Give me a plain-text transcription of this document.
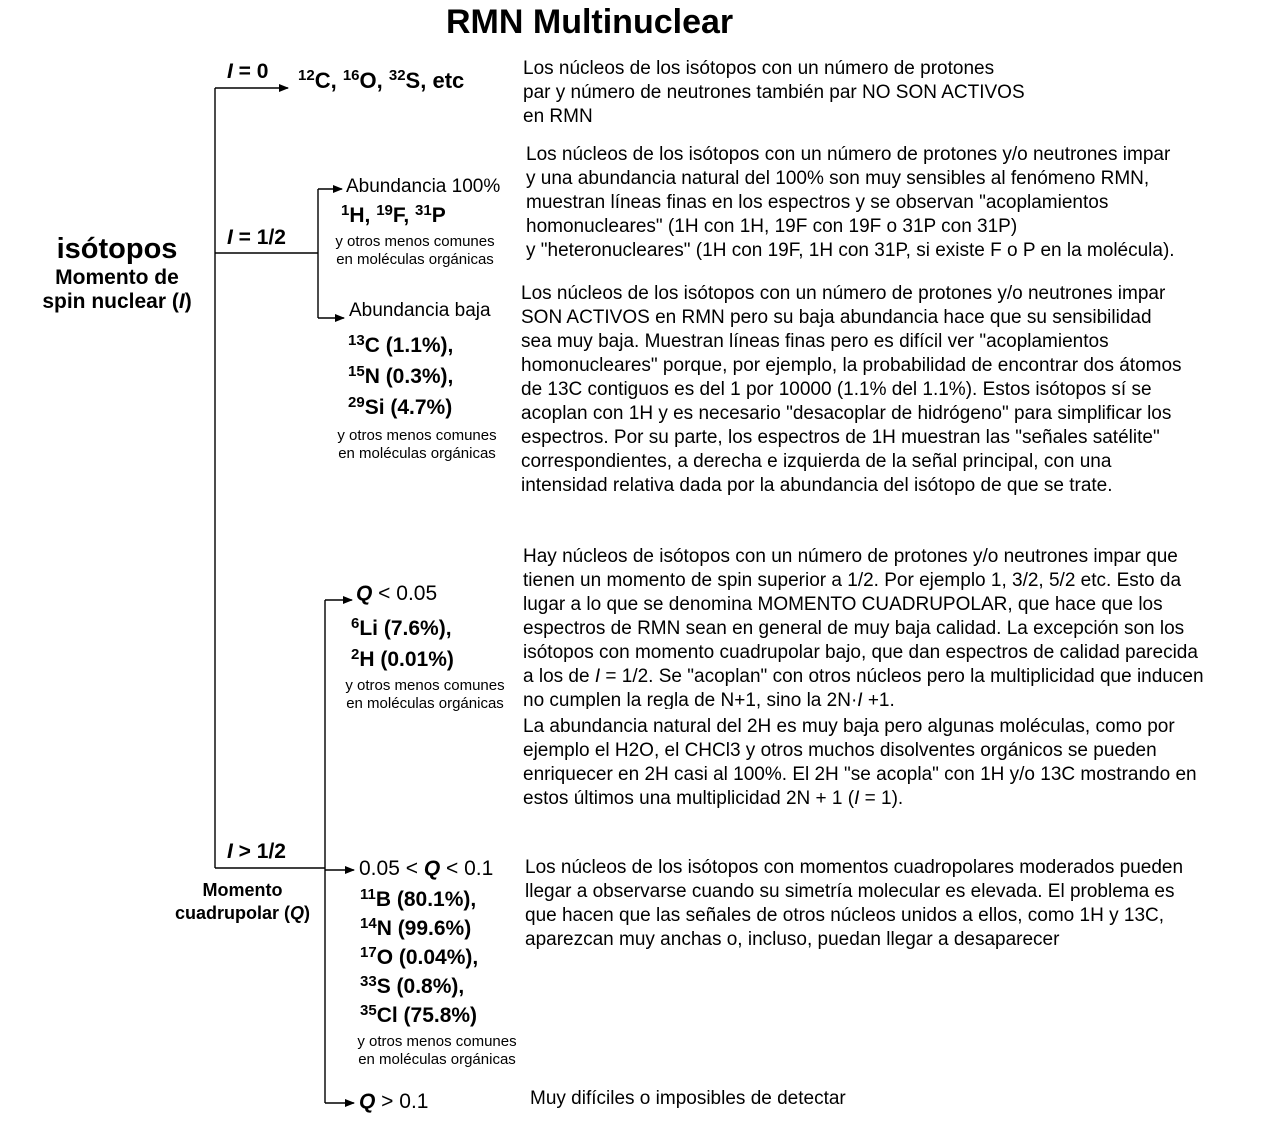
RMN Multinuclear
isótopos
Momento de
spin nuclear (I)
I = 0 $^{12}$C, $^{16}$O, $^{32}$S, etc	Los núcleos de los isótopos con un número de protones
par y número de neutrones también par NO SON ACTIVOS
en RMN
I = 1/2
Abundancia 100%
$^1$H, $^{19}$F, $^{31}$P
y otros menos comunes
en moléculas orgánicas
Los núcleos de los isótopos con un número de protones y/o neutrones impar
y una abundancia natural del 100% son muy sensibles al fenómeno RMN,
muestran líneas finas en los espectros y se observan "acoplamientos
homonucleares" (1H con 1H, 19F con 19F o 31P con 31P)
y "heteronucleares" (1H con 19F, 1H con 31P, si existe F o P en la molécula).
Abundancia baja
$^{13}$C (1.1%),
$^{15}$N (0.3%),
$^{29}$Si (4.7%)
y otros menos comunes
en moléculas orgánicas
Los núcleos de los isótopos con un número de protones y/o neutrones impar
SON ACTIVOS en RMN pero su baja abundancia hace que su sensibilidad
sea muy baja. Muestran líneas finas pero es difícil ver "acoplamientos
homonucleares" porque, por ejemplo, la probabilidad de encontrar dos átomos
de 13C contiguos es del 1 por 10000 (1.1% del 1.1%). Estos isótopos sí se
acoplan con 1H y es necesario "desacoplar de hidrógeno" para simplificar los
espectros. Por su parte, los espectros de 1H muestran las "señales satélite"
correspondientes, a derecha e izquierda de la señal principal, con una
intensidad relativa dada por la abundancia del isótopo de que se trate.
I > 1/2
Momento
cuadrupolar (Q)
Q < 0.05
$^6$Li (7.6%),
$^2$H (0.01%)
y otros menos comunes
en moléculas orgánicas
Hay núcleos de isótopos con un número de protones y/o neutrones impar que
tienen un momento de spin superior a 1/2. Por ejemplo 1, 3/2, 5/2 etc. Esto da
lugar a lo que se denomina MOMENTO CUADRUPOLAR, que hace que los
espectros de RMN sean en general de muy baja calidad. La excepción son los
isótopos con momento cuadrupolar bajo, que dan espectros de calidad parecida
a los de I = 1/2. Se "acoplan" con otros núcleos pero la multiplicidad que inducen
no cumplen la regla de N+1, sino la 2N·I +1.
La abundancia natural del 2H es muy baja pero algunas moléculas, como por
ejemplo el H2O, el CHCl3 y otros muchos disolventes orgánicos se pueden
enriquecer en 2H casi al 100%. El 2H "se acopla" con 1H y/o 13C mostrando en
estos últimos una multiplicidad 2N + 1 (I = 1).
0.05 < Q < 0.1
$^{11}$B (80.1%),
$^{14}$N (99.6%)
$^{17}$O (0.04%),
$^{33}$S (0.8%),
$^{35}$Cl (75.8%)
y otros menos comunes
en moléculas orgánicas
Los núcleos de los isótopos con momentos cuadropolares moderados pueden
llegar a observarse cuando su simetría molecular es elevada. El problema es
que hacen que las señales de otros núcleos unidos a ellos, como 1H y 13C,
aparezcan muy anchas o, incluso, puedan llegar a desaparecer
Q > 0.1	Muy difíciles o imposibles de detectar
